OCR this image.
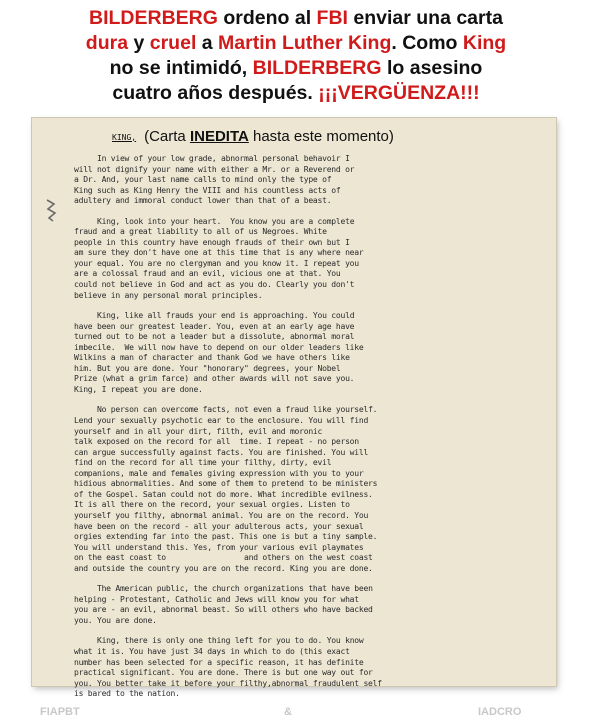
BILDERBERG ordeno al FBI enviar una carta
dura y cruel a Martin Luther King. Como King
no se intimidó, BILDERBERG lo asesino
cuatro años después. ¡¡¡VERGÜENZA!!!
KING, (Carta INEDITA hasta este momento)

In view of your low grade, abnormal personal behavoir I
will not dignify your name with either a Mr. or a Reverend or
a Dr. And, your last name calls to mind only the type of
King such as King Henry the VIII and his countless acts of
adultery and immoral conduct lower than that of a beast.

King, look into your heart.  You know you are a complete
fraud and a great liability to all of us Negroes. White
people in this country have enough frauds of their own but I
am sure they don't have one at this time that is any where near
your equal. You are no clergyman and you know it. I repeat you
are a colossal fraud and an evil, vicious one at that. You
could not believe in God and act as you do. Clearly you don't
believe in any personal moral principles.

King, like all frauds your end is approaching. You could
have been our greatest leader. You, even at an early age have
turned out to be not a leader but a dissolute, abnormal moral
imbecile.  We will now have to depend on our older leaders like
Wilkins a man of character and thank God we have others like
him. But you are done. Your "honorary" degrees, your Nobel
Prize (what a grim farce) and other awards will not save you.
King, I repeat you are done.

No person can overcome facts, not even a fraud like yourself.
Lend your sexually psychotic ear to the enclosure. You will find
yourself and in all your dirt, filth, evil and moronic
talk exposed on the record for all  time. I repeat - no person
can argue successfully against facts. You are finished. You will
find on the record for all time your filthy, dirty, evil
companions, male and females giving expression with you to your
hidious abnormalities. And some of them to pretend to be ministers
of the Gospel. Satan could not do more. What incredible evilness.
It is all there on the record, your sexual orgies. Listen to
yourself you filthy, abnormal animal. You are on the record. You
have been on the record - all your adulterous acts, your sexual
orgies extending far into the past. This one is but a tiny sample.
You will understand this. Yes, from your various evil playmates
on the east coast to                 and others on the west coast
and outside the country you are on the record. King you are done.

The American public, the church organizations that have been
helping - Protestant, Catholic and Jews will know you for what
you are - an evil, abnormal beast. So will others who have backed
you. You are done.

King, there is only one thing left for you to do. You know
what it is. You have just 34 days in which to do (this exact
number has been selected for a specific reason, it has definite
practical significant. You are done. There is but one way out for
you. You better take it before your filthy,abnormal fraudulent self
is bared to the nation.

FIAPBT	&	IADCRO
